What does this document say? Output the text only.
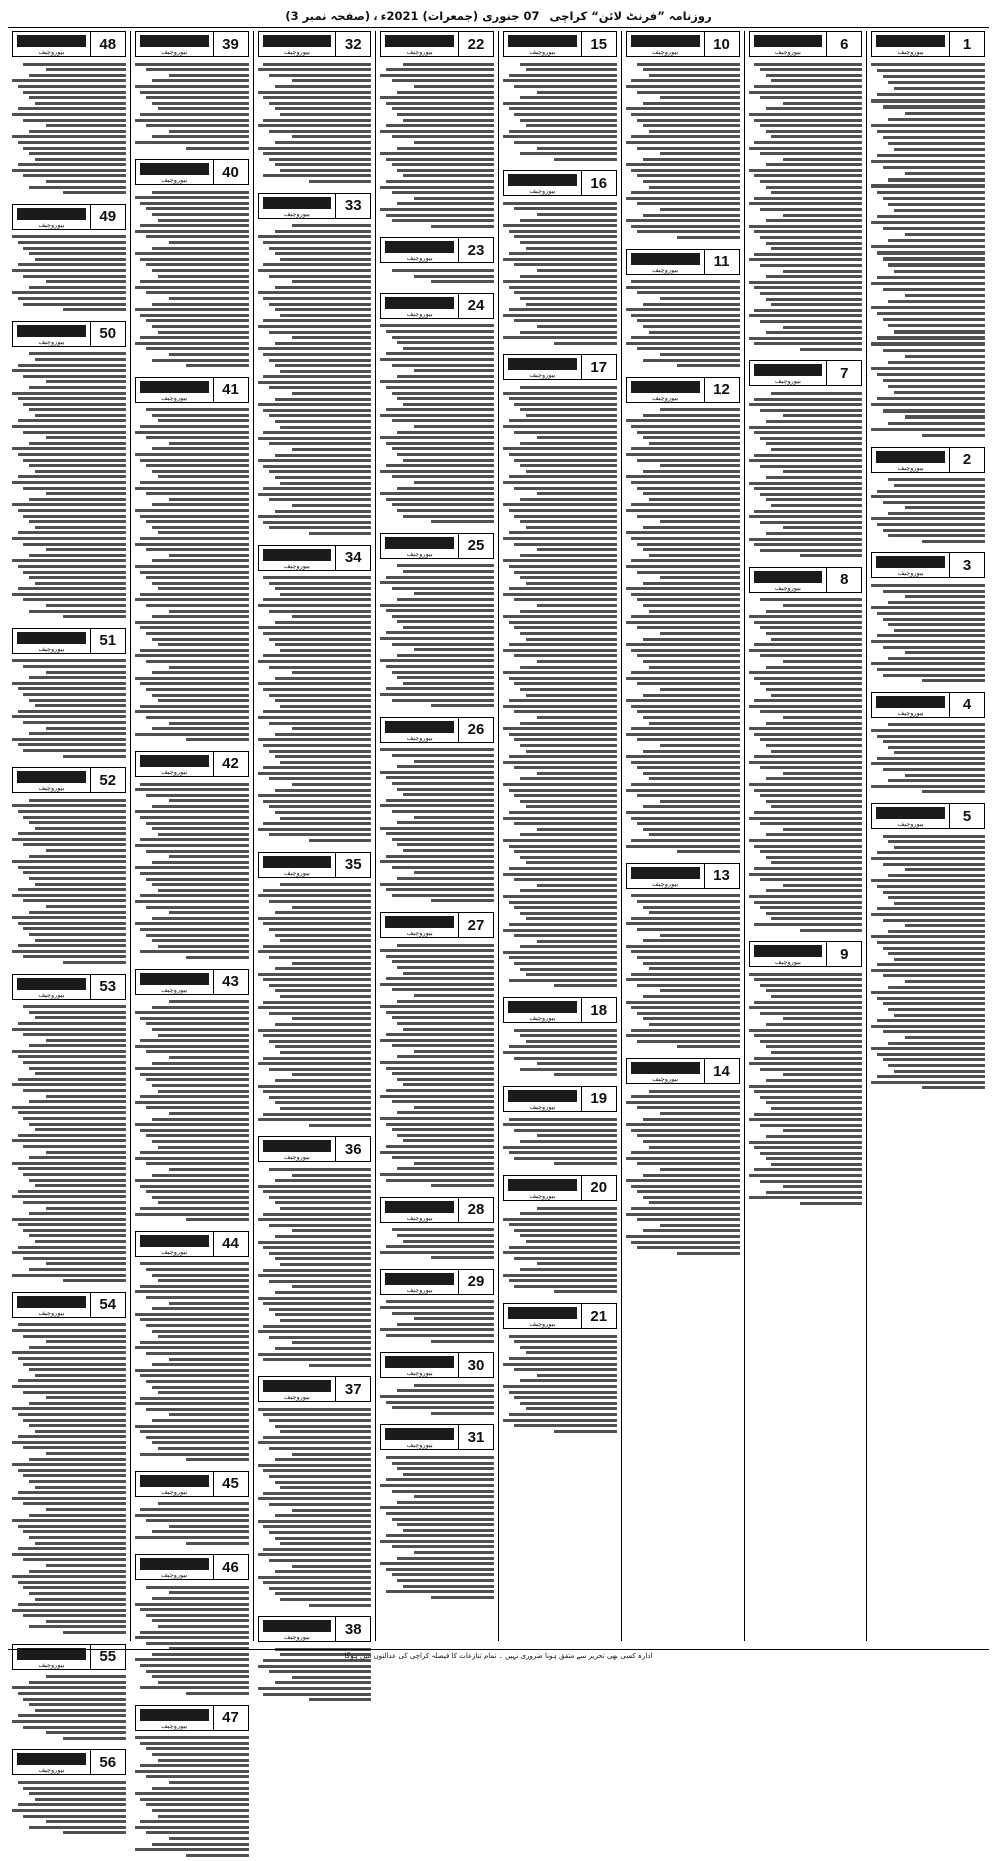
روزنامہ ”فرنٹ لائن“ کراچی 07 جنوری (جمعرات) 2021ء،(صفحہ نمبر 3)
1
بیوروچیف
2
بیوروچیف
3
بیوروچیف
4
بیوروچیف
5
بیوروچیف
6
بیوروچیف
7
بیوروچیف
8
بیوروچیف
9
بیوروچیف
10
بیوروچیف
11
بیوروچیف
12
بیوروچیف
13
بیوروچیف
14
بیوروچیف
15
بیوروچیف
16
بیوروچیف
17
بیوروچیف
18
بیوروچیف
19
بیوروچیف
20
بیوروچیف
21
بیوروچیف
22
بیوروچیف
23
بیوروچیف
24
بیوروچیف
25
بیوروچیف
26
بیوروچیف
27
بیوروچیف
28
بیوروچیف
29
بیوروچیف
30
بیوروچیف
31
بیوروچیف
32
بیوروچیف
33
بیوروچیف
34
بیوروچیف
35
بیوروچیف
36
بیوروچیف
37
بیوروچیف
38
بیوروچیف
39
بیوروچیف
40
بیوروچیف
41
بیوروچیف
42
بیوروچیف
43
بیوروچیف
44
بیوروچیف
45
بیوروچیف
46
بیوروچیف
47
بیوروچیف
48
بیوروچیف
49
بیوروچیف
50
بیوروچیف
51
بیوروچیف
52
بیوروچیف
53
بیوروچیف
54
بیوروچیف
55
بیوروچیف
56
بیوروچیف
ادارہ کسی بھی تحریر سے متفق ہونا ضروری نہیں ۔ تمام تنازعات کا فیصلہ کراچی کی عدالتوں میں ہوگا
